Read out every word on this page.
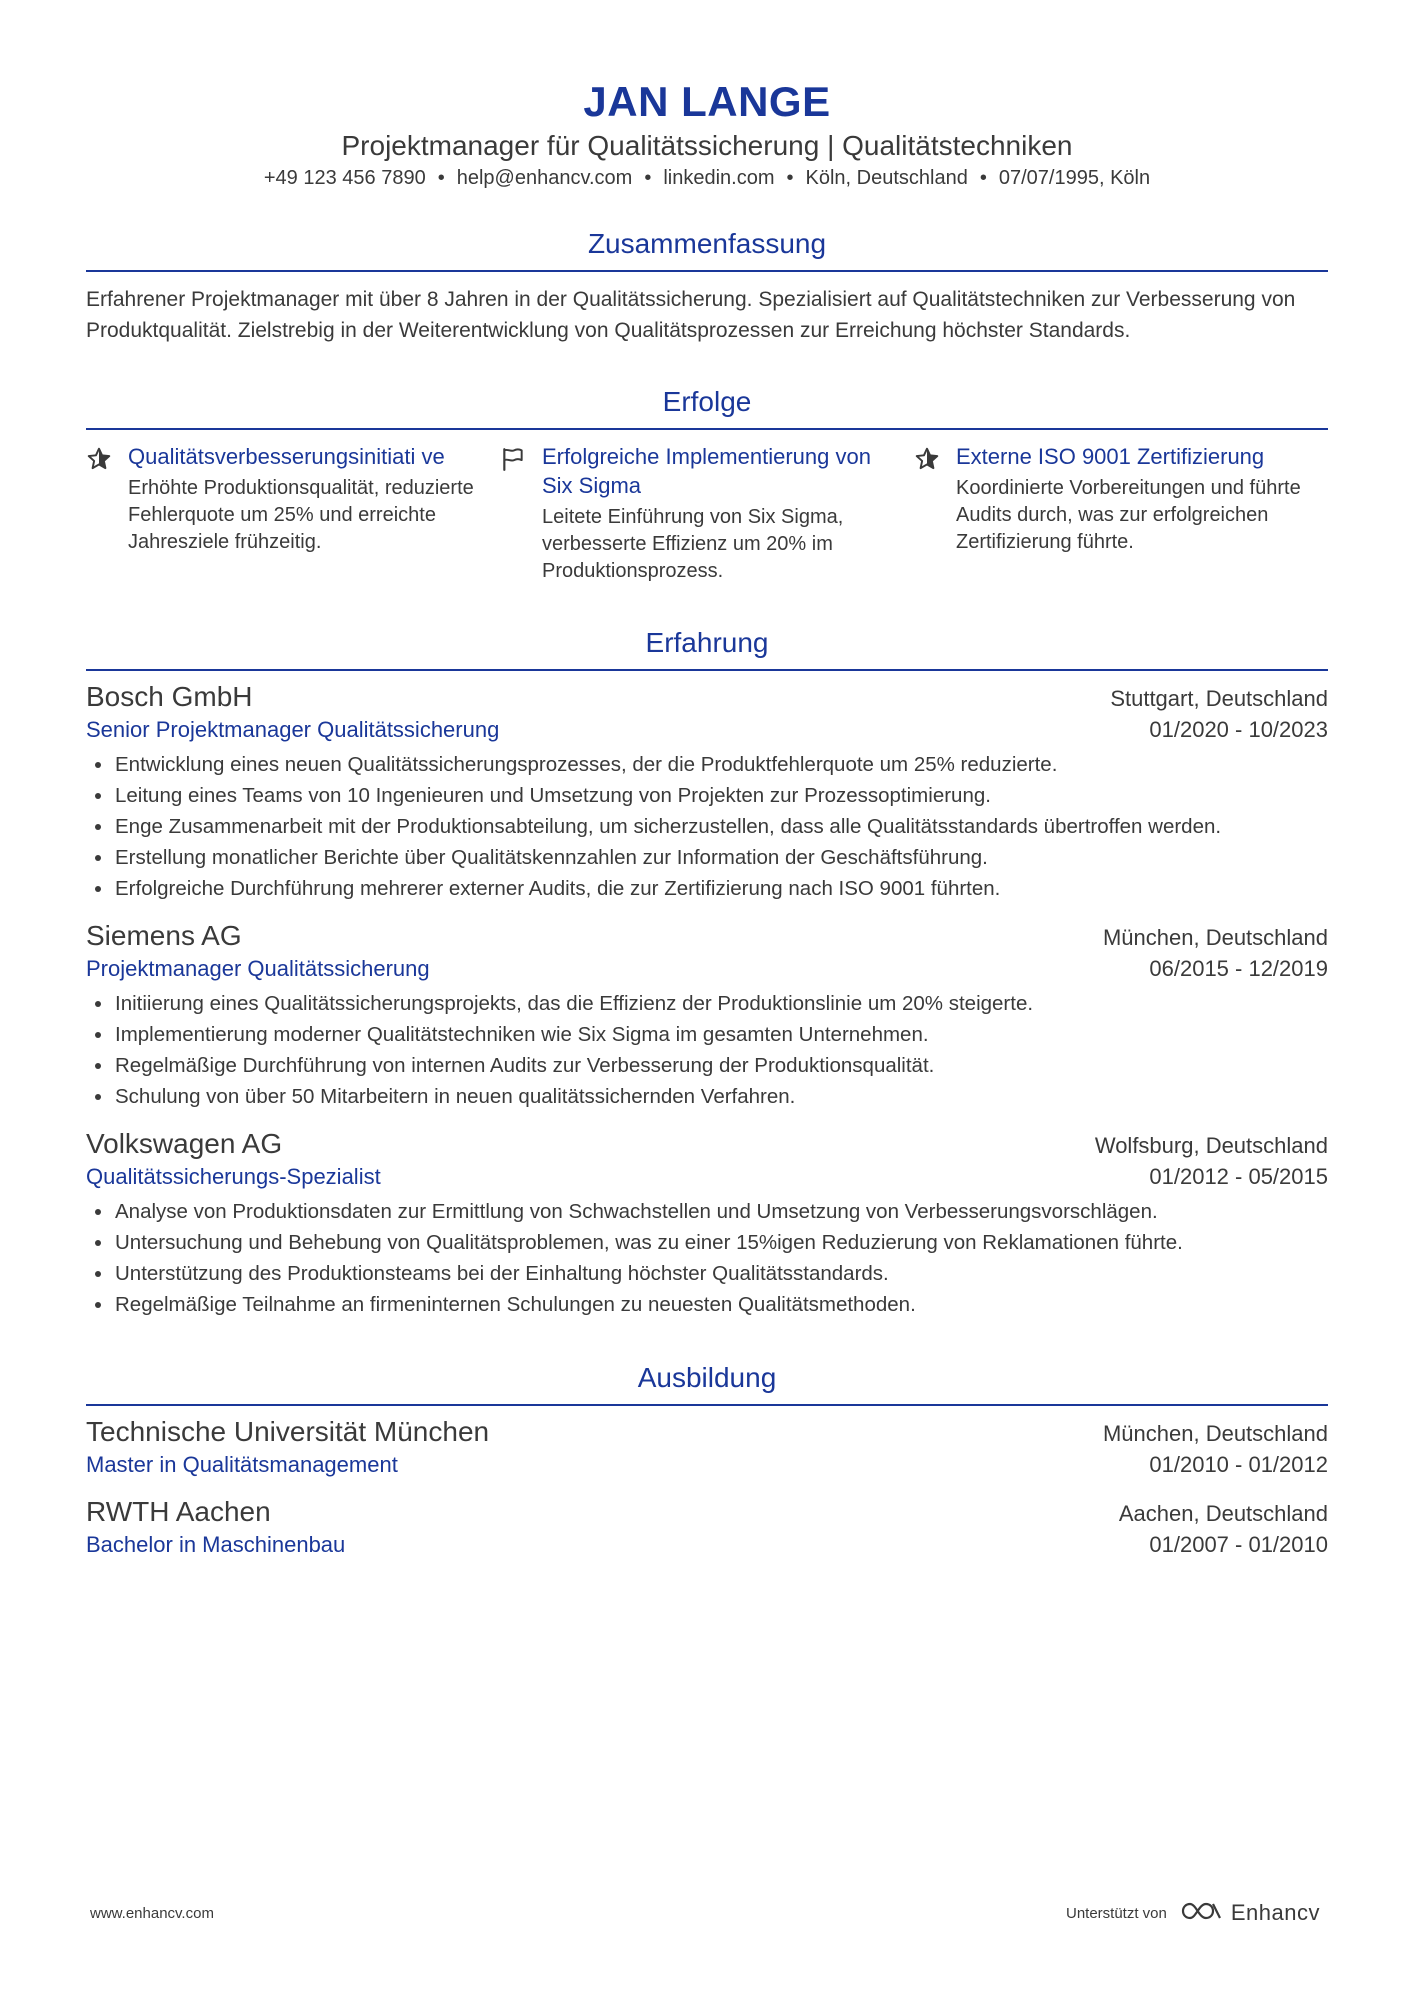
JAN LANGE
Projektmanager für Qualitätssicherung | Qualitätstechniken
+49 123 456 7890 • help@enhancv.com • linkedin.com • Köln, Deutschland • 07/07/1995, Köln
Zusammenfassung
Erfahrener Projektmanager mit über 8 Jahren in der Qualitätssicherung. Spezialisiert auf Qualitätstechniken zur Verbesserung von Produktqualität. Zielstrebig in der Weiterentwicklung von Qualitätsprozessen zur Erreichung höchster Standards.
Erfolge
Qualitätsverbesserungsinitiati ve
Erhöhte Produktionsqualität, reduzierte Fehlerquote um 25% und erreichte Jahresziele frühzeitig.
Erfolgreiche Implementierung von Six Sigma
Leitete Einführung von Six Sigma, verbesserte Effizienz um 20% im Produktionsprozess.
Externe ISO 9001 Zertifizierung
Koordinierte Vorbereitungen und führte Audits durch, was zur erfolgreichen Zertifizierung führte.
Erfahrung
Bosch GmbH	Stuttgart, Deutschland
Senior Projektmanager Qualitätssicherung	01/2020 - 10/2023
Entwicklung eines neuen Qualitätssicherungsprozesses, der die Produktfehlerquote um 25% reduzierte.
Leitung eines Teams von 10 Ingenieuren und Umsetzung von Projekten zur Prozessoptimierung.
Enge Zusammenarbeit mit der Produktionsabteilung, um sicherzustellen, dass alle Qualitätsstandards übertroffen werden.
Erstellung monatlicher Berichte über Qualitätskennzahlen zur Information der Geschäftsführung.
Erfolgreiche Durchführung mehrerer externer Audits, die zur Zertifizierung nach ISO 9001 führten.
Siemens AG	München, Deutschland
Projektmanager Qualitätssicherung	06/2015 - 12/2019
Initiierung eines Qualitätssicherungsprojekts, das die Effizienz der Produktionslinie um 20% steigerte.
Implementierung moderner Qualitätstechniken wie Six Sigma im gesamten Unternehmen.
Regelmäßige Durchführung von internen Audits zur Verbesserung der Produktionsqualität.
Schulung von über 50 Mitarbeitern in neuen qualitätssichernden Verfahren.
Volkswagen AG	Wolfsburg, Deutschland
Qualitätssicherungs-Spezialist	01/2012 - 05/2015
Analyse von Produktionsdaten zur Ermittlung von Schwachstellen und Umsetzung von Verbesserungsvorschlägen.
Untersuchung und Behebung von Qualitätsproblemen, was zu einer 15%igen Reduzierung von Reklamationen führte.
Unterstützung des Produktionsteams bei der Einhaltung höchster Qualitätsstandards.
Regelmäßige Teilnahme an firmeninternen Schulungen zu neuesten Qualitätsmethoden.
Ausbildung
Technische Universität München	München, Deutschland
Master in Qualitätsmanagement	01/2010 - 01/2012
RWTH Aachen	Aachen, Deutschland
Bachelor in Maschinenbau	01/2007 - 01/2010
www.enhancv.com	Unterstützt von	Enhancv
